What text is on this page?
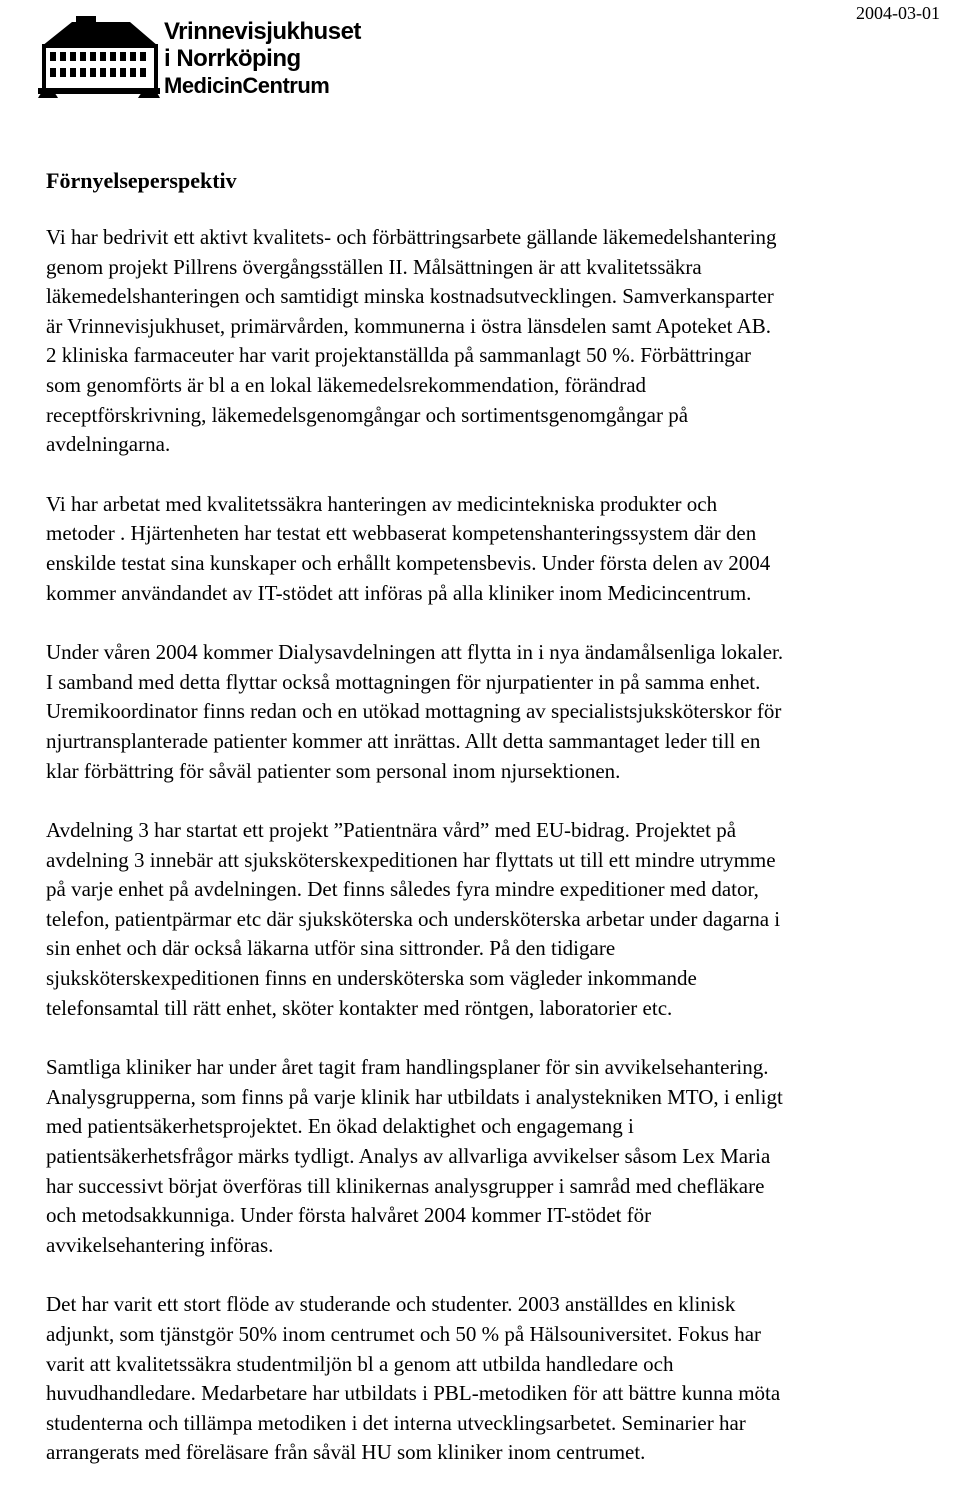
2004-03-01
Vrinnevisjukhuset
i Norrköping
MedicinCentrum
Förnyelseperspektiv

Vi har bedrivit ett aktivt kvalitets- och förbättringsarbete gällande läkemedelshantering
genom projekt Pillrens övergångsställen II. Målsättningen är att kvalitetssäkra
läkemedelshanteringen och samtidigt minska kostnadsutvecklingen. Samverkansparter
är Vrinnevisjukhuset, primärvården, kommunerna i östra länsdelen samt Apoteket AB.
2 kliniska farmaceuter har varit projektanställda på sammanlagt 50 %. Förbättringar
som genomförts är bl a en lokal läkemedelsrekommendation, förändrad
receptförskrivning, läkemedelsgenomgångar och sortimentsgenomgångar på
avdelningarna.

Vi har arbetat med kvalitetssäkra hanteringen av medicintekniska produkter och
metoder . Hjärtenheten har testat ett webbaserat kompetenshanteringssystem där den
enskilde testat sina kunskaper och erhållt kompetensbevis. Under första delen av 2004
kommer användandet av IT-stödet att införas på alla kliniker inom Medicincentrum.

Under våren 2004 kommer Dialysavdelningen att flytta in i nya ändamålsenliga lokaler.
I samband med detta flyttar också mottagningen för njurpatienter in på samma enhet.
Uremikoordinator finns redan och en utökad mottagning av specialistsjuksköterskor för
njurtransplanterade patienter kommer att inrättas. Allt detta sammantaget leder till en
klar förbättring för såväl patienter som personal inom njursektionen.

Avdelning 3 har startat ett projekt ”Patientnära vård” med EU-bidrag. Projektet på
avdelning 3 innebär att sjuksköterskexpeditionen har flyttats ut till ett mindre utrymme
på varje enhet på avdelningen. Det finns således fyra mindre expeditioner med dator,
telefon, patientpärmar etc där sjuksköterska och undersköterska arbetar under dagarna i
sin enhet och där också läkarna utför sina sittronder. På den tidigare
sjuksköterskexpeditionen finns en undersköterska som vägleder inkommande
telefonsamtal till rätt enhet, sköter kontakter med röntgen, laboratorier etc.

Samtliga kliniker har under året tagit fram handlingsplaner för sin avvikelsehantering.
Analysgrupperna, som finns på varje klinik har utbildats i analystekniken MTO, i enligt
med patientsäkerhetsprojektet. En ökad delaktighet och engagemang i
patientsäkerhetsfrågor märks tydligt. Analys av allvarliga avvikelser såsom Lex Maria
har successivt börjat överföras till klinikernas analysgrupper i samråd med chefläkare
och metodsakkunniga. Under första halvåret 2004 kommer IT-stödet för
avvikelsehantering införas.

Det har varit ett stort flöde av studerande och studenter. 2003 anställdes en klinisk
adjunkt, som tjänstgör 50% inom centrumet och 50 % på Hälsouniversitet. Fokus har
varit att kvalitetssäkra studentmiljön bl a genom att utbilda handledare och
huvudhandledare. Medarbetare har utbildats i PBL-metodiken för att bättre kunna möta
studenterna och tillämpa metodiken i det interna utvecklingsarbetet. Seminarier har
arrangerats med föreläsare från såväl HU som kliniker inom centrumet.
